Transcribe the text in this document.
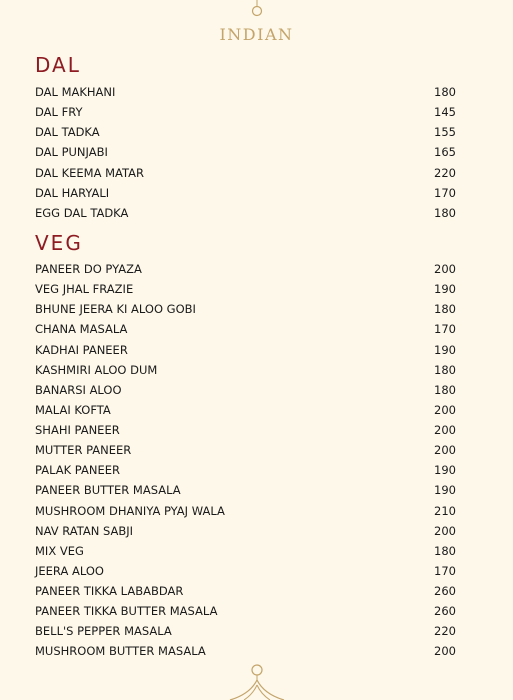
INDIAN
DAL
DAL MAKHANI	180
DAL FRY	145
DAL TADKA	155
DAL PUNJABI	165
DAL KEEMA MATAR	220
DAL HARYALI	170
EGG DAL TADKA	180
VEG
PANEER DO PYAZA	200
VEG JHAL FRAZIE	190
BHUNE JEERA KI ALOO GOBI	180
CHANA MASALA	170
KADHAI PANEER	190
KASHMIRI ALOO DUM	180
BANARSI ALOO	180
MALAI KOFTA	200
SHAHI PANEER	200
MUTTER PANEER	200
PALAK PANEER	190
PANEER BUTTER MASALA	190
MUSHROOM DHANIYA PYAJ WALA	210
NAV RATAN SABJI	200
MIX VEG	180
JEERA ALOO	170
PANEER TIKKA LABABDAR	260
PANEER TIKKA BUTTER MASALA	260
BELL'S PEPPER MASALA	220
MUSHROOM BUTTER MASALA	200
